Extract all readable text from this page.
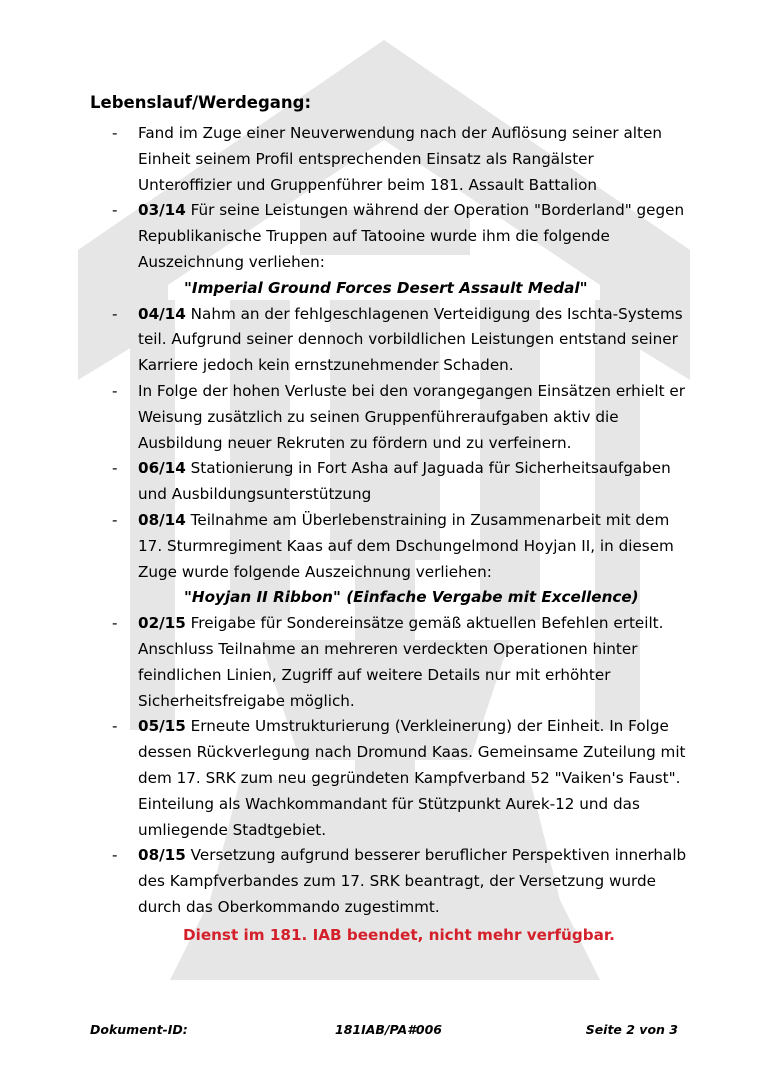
Lebenslauf/Werdegang:
- Fand im Zuge einer Neuverwendung nach der Auflösung seiner alten Einheit seinem Profil entsprechenden Einsatz als Rangälster Unteroffizier und Gruppenführer beim 181. Assault Battalion
- 03/14 Für seine Leistungen während der Operation "Borderland" gegen Republikanische Truppen auf Tatooine wurde ihm die folgende Auszeichnung verliehen:
"Imperial Ground Forces Desert Assault Medal"
- 04/14 Nahm an der fehlgeschlagenen Verteidigung des Ischta-Systems teil. Aufgrund seiner dennoch vorbildlichen Leistungen entstand seiner Karriere jedoch kein ernstzunehmender Schaden.
- In Folge der hohen Verluste bei den vorangegangen Einsätzen erhielt er Weisung zusätzlich zu seinen Gruppenführeraufgaben aktiv die Ausbildung neuer Rekruten zu fördern und zu verfeinern.
- 06/14 Stationierung in Fort Asha auf Jaguada für Sicherheitsaufgaben und Ausbildungsunterstützung
- 08/14 Teilnahme am Überlebenstraining in Zusammenarbeit mit dem 17. Sturmregiment Kaas auf dem Dschungelmond Hoyjan II, in diesem Zuge wurde folgende Auszeichnung verliehen:
"Hoyjan II Ribbon" (Einfache Vergabe mit Excellence)
- 02/15 Freigabe für Sondereinsätze gemäß aktuellen Befehlen erteilt. Anschluss Teilnahme an mehreren verdeckten Operationen hinter feindlichen Linien, Zugriff auf weitere Details nur mit erhöhter Sicherheitsfreigabe möglich.
- 05/15 Erneute Umstrukturierung (Verkleinerung) der Einheit. In Folge dessen Rückverlegung nach Dromund Kaas. Gemeinsame Zuteilung mit dem 17. SRK zum neu gegründeten Kampfverband 52 "Vaiken's Faust". Einteilung als Wachkommandant für Stützpunkt Aurek-12 und das umliegende Stadtgebiet.
- 08/15 Versetzung aufgrund besserer beruflicher Perspektiven innerhalb des Kampfverbandes zum 17. SRK beantragt, der Versetzung wurde durch das Oberkommando zugestimmt.
Dienst im 181. IAB beendet, nicht mehr verfügbar.
Dokument-ID:	181IAB/PA#006	Seite 2 von 3
